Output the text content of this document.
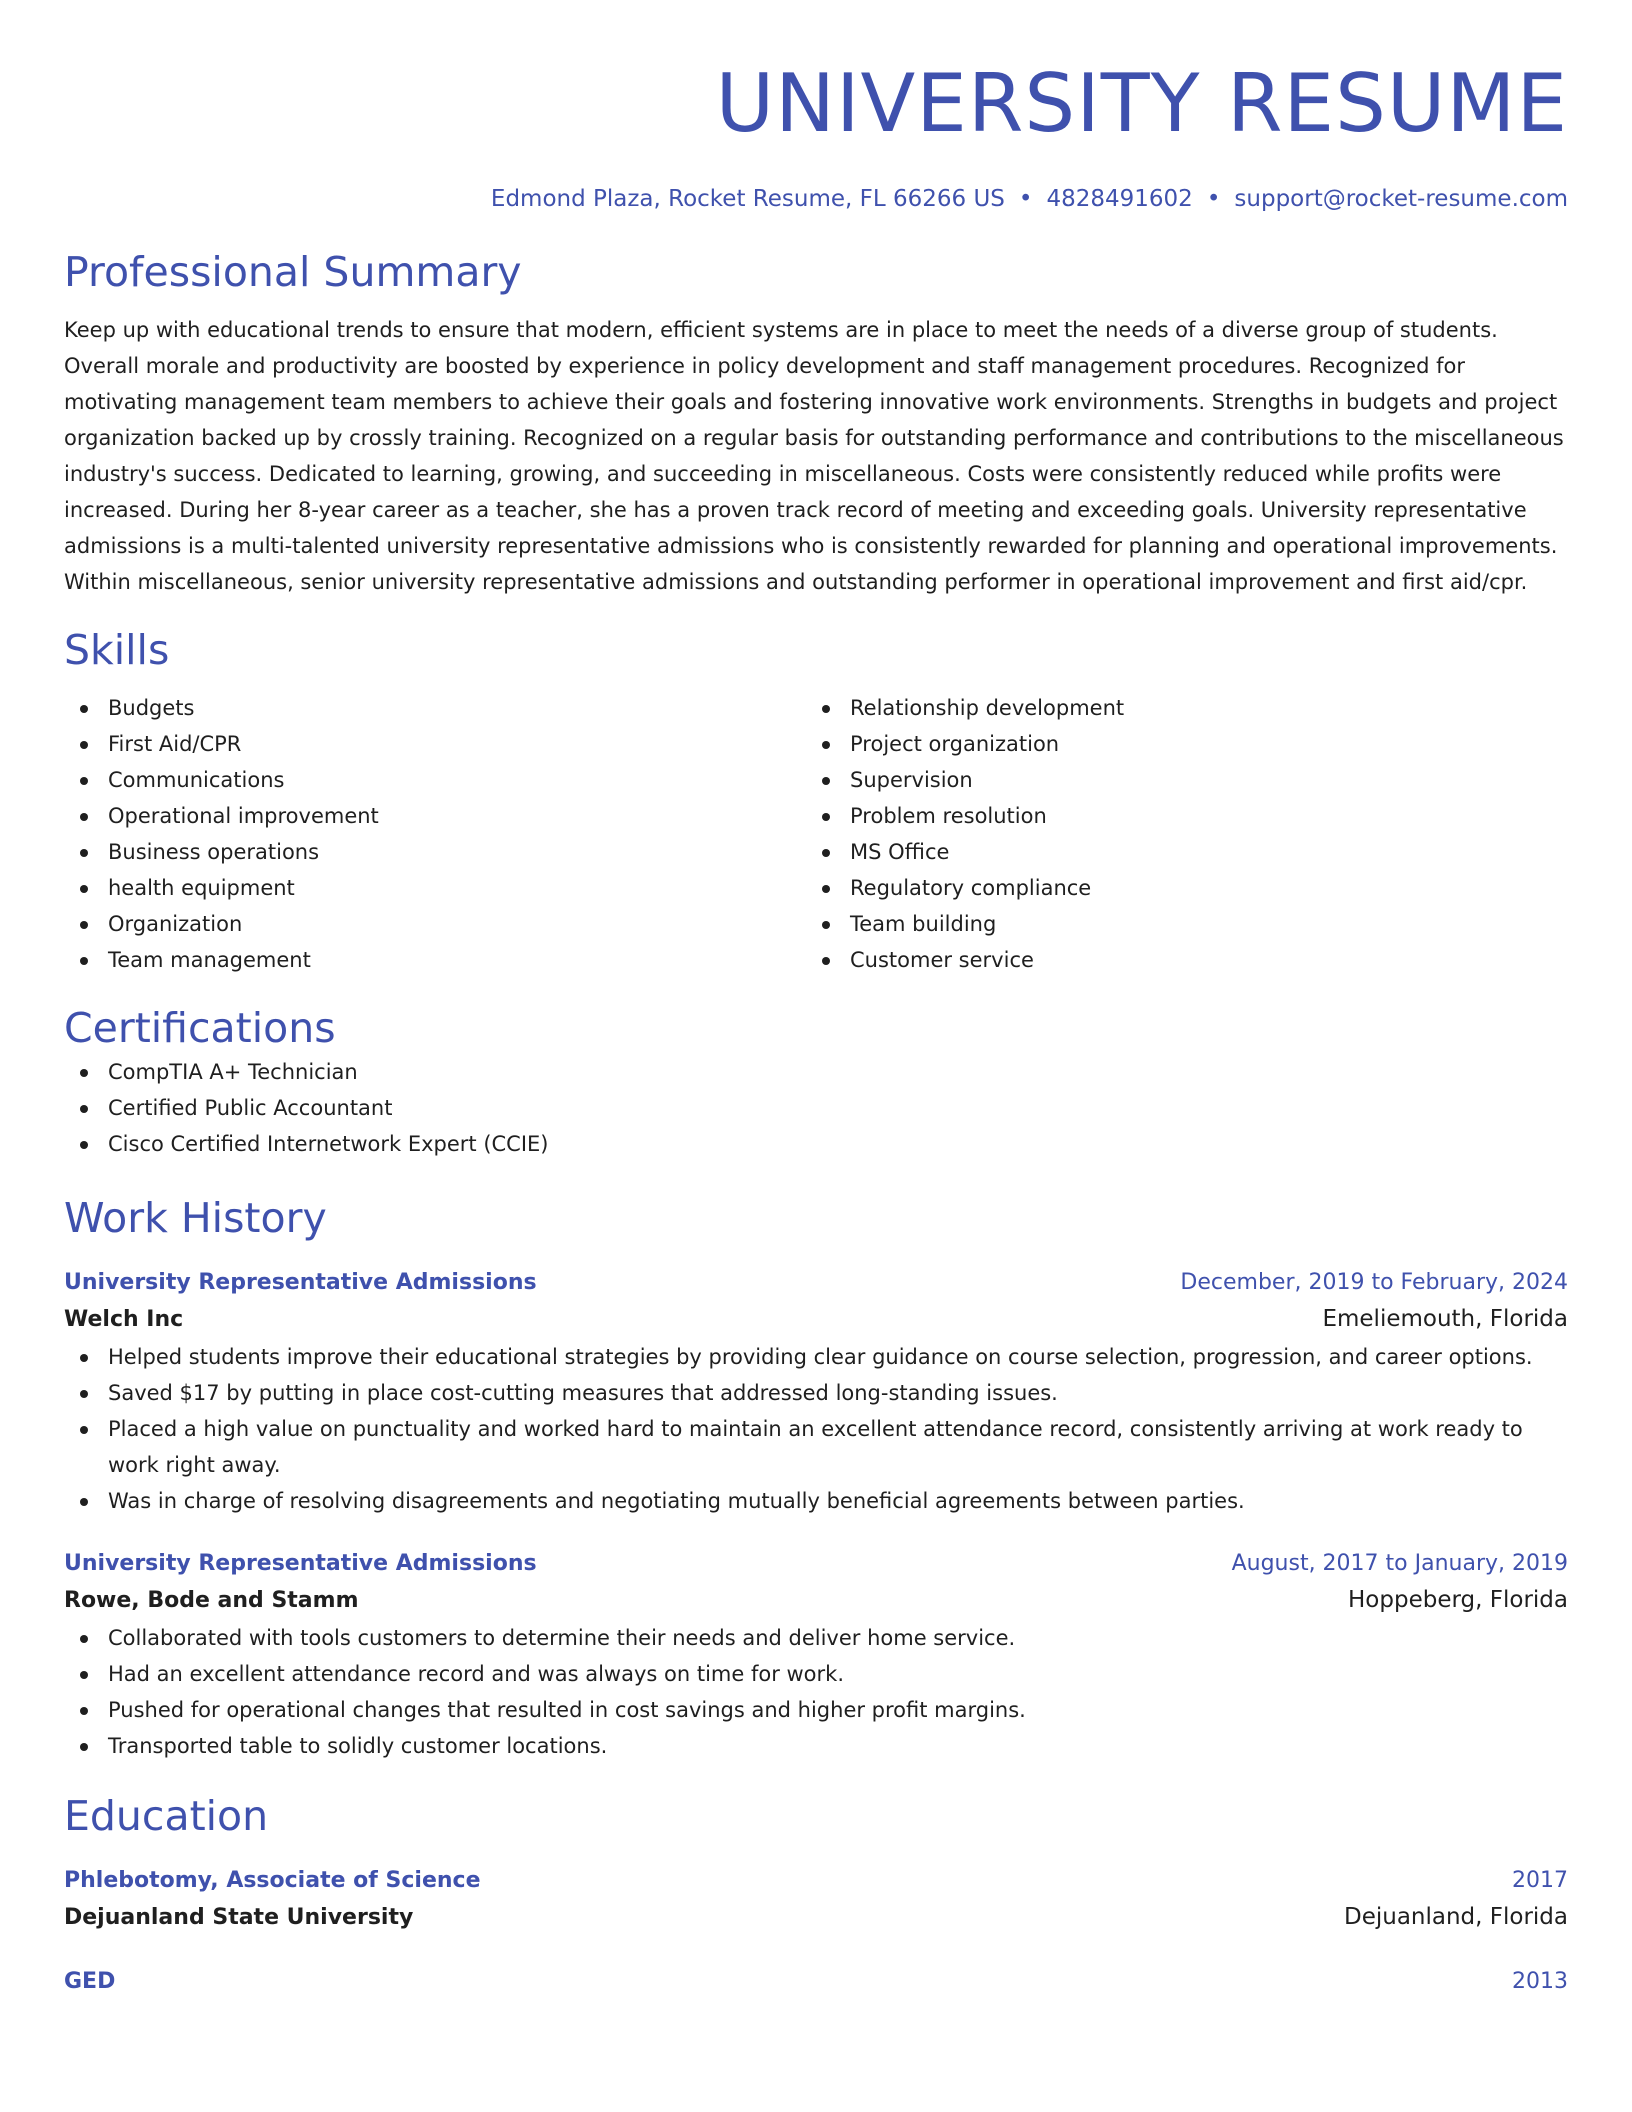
UNIVERSITY RESUME
Edmond Plaza, Rocket Resume, FL 66266 US • 4828491602 • support@rocket-resume.com
Professional Summary

Keep up with educational trends to ensure that modern, efficient systems are in place to meet the needs of a diverse group of students. Overall morale and productivity are boosted by experience in policy development and staff management procedures. Recognized for motivating management team members to achieve their goals and fostering innovative work environments. Strengths in budgets and project organization backed up by crossly training. Recognized on a regular basis for outstanding performance and contributions to the miscellaneous industry's success. Dedicated to learning, growing, and succeeding in miscellaneous. Costs were consistently reduced while profits were increased. During her 8-year career as a teacher, she has a proven track record of meeting and exceeding goals. University representative admissions is a multi-talented university representative admissions who is consistently rewarded for planning and operational improvements. Within miscellaneous, senior university representative admissions and outstanding performer in operational improvement and first aid/cpr.

Skills
Budgets
First Aid/CPR
Communications
Operational improvement
Business operations
health equipment
Organization
Team management
Relationship development
Project organization
Supervision
Problem resolution
MS Office
Regulatory compliance
Team building
Customer service
Certifications
CompTIA A+ Technician
Certified Public Accountant
Cisco Certified Internetwork Expert (CCIE)
Work History
University Representative Admissions	December, 2019 to February, 2024
Welch Inc	Emeliemouth, Florida
Helped students improve their educational strategies by providing clear guidance on course selection, progression, and career options.
Saved $17 by putting in place cost-cutting measures that addressed long-standing issues.
Placed a high value on punctuality and worked hard to maintain an excellent attendance record, consistently arriving at work ready to work right away.
Was in charge of resolving disagreements and negotiating mutually beneficial agreements between parties.
University Representative Admissions	August, 2017 to January, 2019
Rowe, Bode and Stamm	Hoppeberg, Florida
Collaborated with tools customers to determine their needs and deliver home service.
Had an excellent attendance record and was always on time for work.
Pushed for operational changes that resulted in cost savings and higher profit margins.
Transported table to solidly customer locations.
Education
Phlebotomy, Associate of Science	2017
Dejuanland State University	Dejuanland, Florida
GED	2013
